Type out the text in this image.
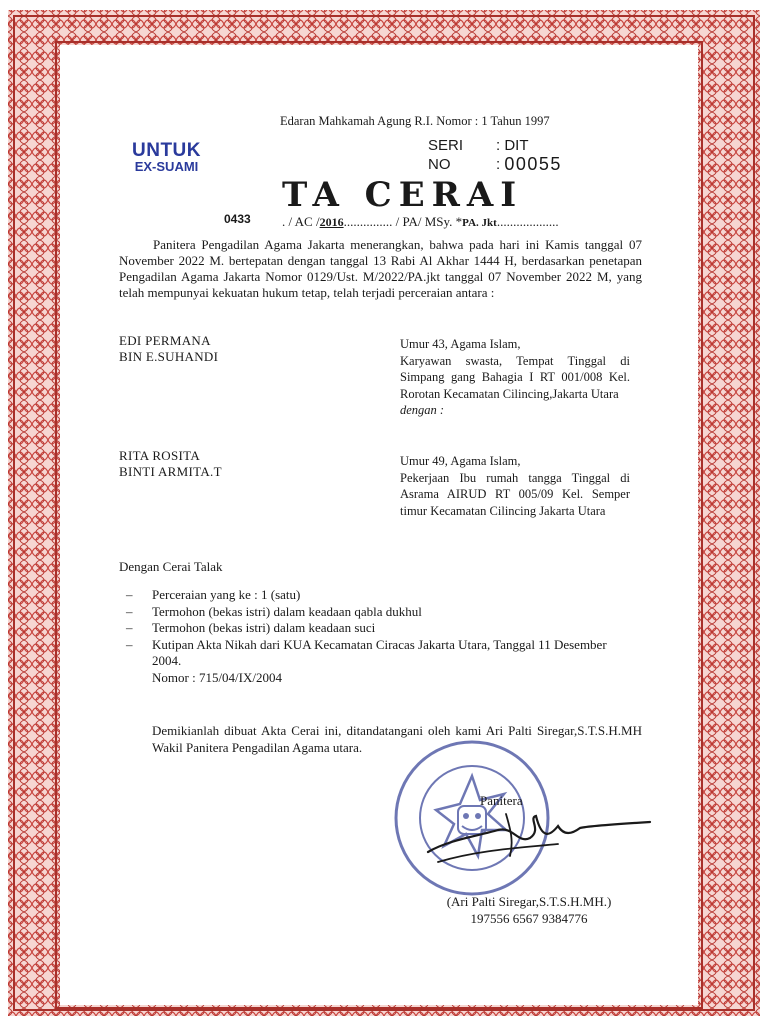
Edaran Mahkamah Agung R.I. Nomor : 1 Tahun 1997
UNTUK
EX-SUAMI
SERI	: DIT
NO	: 00055
TA CERAI
0433 . / AC /2016............... / PA/ MSy. *PA. Jkt...................

Panitera Pengadilan Agama Jakarta menerangkan, bahwa pada hari ini Kamis tanggal 07 November 2022 M. bertepatan dengan tanggal 13 Rabi Al Akhar 1444 H, berdasarkan penetapan Pengadilan Agama Jakarta Nomor 0129/Ust. M/2022/PA.jkt tanggal 07 November 2022 M, yang telah mempunyai kekuatan hukum tetap, telah terjadi perceraian antara :

EDI PERMANA
BIN E.SUHANDI

Umur 43, Agama Islam,

Karyawan swasta, Tempat Tinggal di Simpang gang Bahagia I RT 001/008 Kel. Rorotan Kecamatan Cilincing,Jakarta Utara

dengan :

RITA ROSITA
BINTI ARMITA.T

Umur 49, Agama Islam,

Pekerjaan Ibu rumah tangga Tinggal di Asrama AIRUD RT 005/09 Kel. Semper timur Kecamatan Cilincing Jakarta Utara

Dengan Cerai Talak
– Perceraian yang ke : 1 (satu)
– Termohon (bekas istri) dalam keadaan qabla dukhul
– Termohon (bekas istri) dalam keadaan suci
– Kutipan Akta Nikah dari KUA Kecamatan Ciracas Jakarta Utara, Tanggal 11 Desember 2004.
Nomor : 715/04/IX/2004

Demikianlah dibuat Akta Cerai ini, ditandatangani oleh kami Ari Palti Siregar,S.T.S.H.MH Wakil Panitera Pengadilan Agama utara.

Panitera
(Ari Palti Siregar,S.T.S.H.MH.)
197556 6567 9384776
